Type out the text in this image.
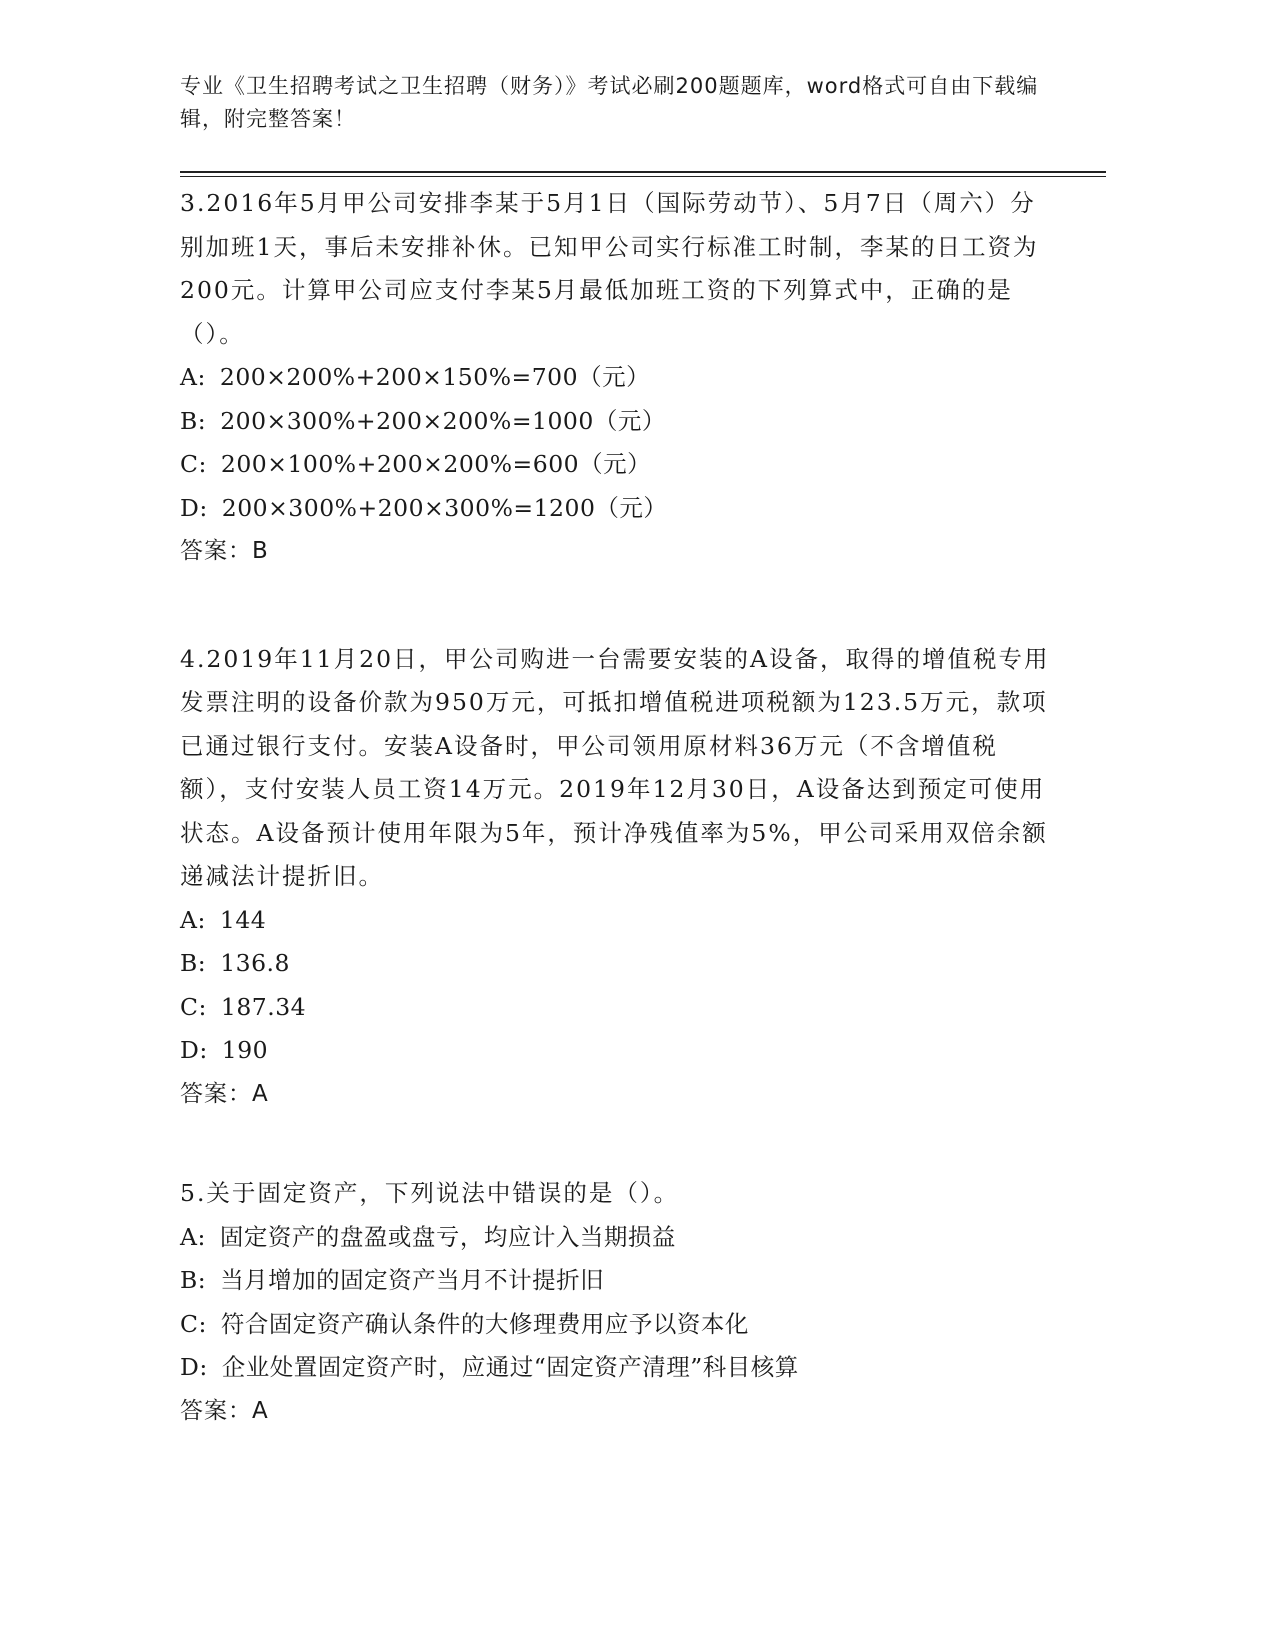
专业《卫生招聘考试之卫生招聘（财务）》考试必刷200题题库，word格式可自由下载编辑，附完整答案！
3.2016年5月甲公司安排李某于5月1日（国际劳动节）、5月7日（周六）分别加班1天，事后未安排补休。已知甲公司实行标准工时制，李某的日工资为200元。计算甲公司应支付李某5月最低加班工资的下列算式中，正确的是（）。
A: 200×200%+200×150%=700（元）
B: 200×300%+200×200%=1000（元）
C: 200×100%+200×200%=600（元）
D: 200×300%+200×300%=1200（元）
答案：B
4.2019年11月20日，甲公司购进一台需要安装的A设备，取得的增值税专用发票注明的设备价款为950万元，可抵扣增值税进项税额为123.5万元，款项已通过银行支付。安装A设备时，甲公司领用原材料36万元（不含增值税额），支付安装人员工资14万元。2019年12月30日，A设备达到预定可使用状态。A设备预计使用年限为5年，预计净残值率为5%，甲公司采用双倍余额递减法计提折旧。
A: 144
B: 136.8
C: 187.34
D: 190
答案：A
5.关于固定资产，下列说法中错误的是（）。
A: 固定资产的盘盈或盘亏，均应计入当期损益
B: 当月增加的固定资产当月不计提折旧
C: 符合固定资产确认条件的大修理费用应予以资本化
D: 企业处置固定资产时，应通过“固定资产清理”科目核算
答案：A
